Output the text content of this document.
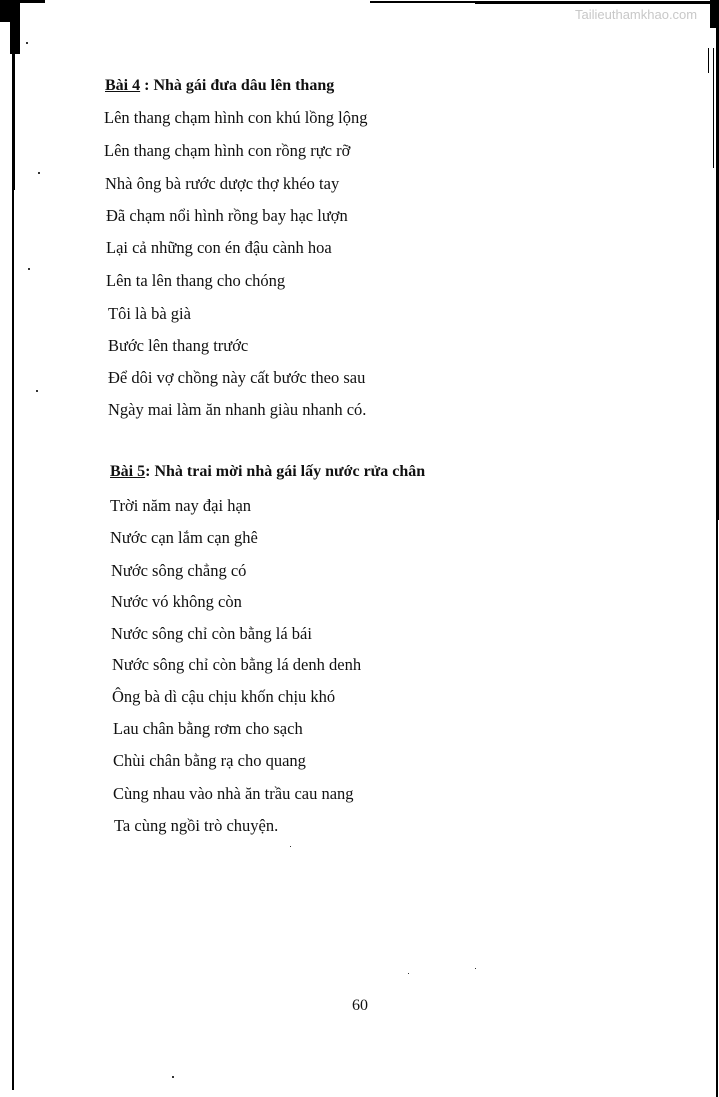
Tailieuthamkhao.com
Bài 4 : Nhà gái đưa dâu lên thang
Lên thang chạm hình con khú lồng lộng
Lên thang chạm hình con rồng rực rỡ
Nhà ông bà rước dược thợ khéo tay
Đã chạm nổi hình rồng bay hạc lượn
Lại cả những con én đậu cành hoa
Lên ta lên thang cho chóng
Tôi là bà già
Bước lên thang trước
Để dôi vợ chồng này cất bước theo sau
Ngày mai làm ăn nhanh giàu nhanh có.
Bài 5: Nhà trai mời nhà gái lấy nước rửa chân
Trời năm nay đại hạn
Nước cạn lắm cạn ghê
Nước sông chẳng có
Nước vó không còn
Nước sông chỉ còn bằng lá bái
Nước sông chỉ còn bằng lá denh denh
Ông bà dì cậu chịu khốn chịu khó
Lau chân bằng rơm cho sạch
Chùi chân bằng rạ cho quang
Cùng nhau vào nhà ăn trầu cau nang
Ta cùng ngồi trò chuyện.
60
